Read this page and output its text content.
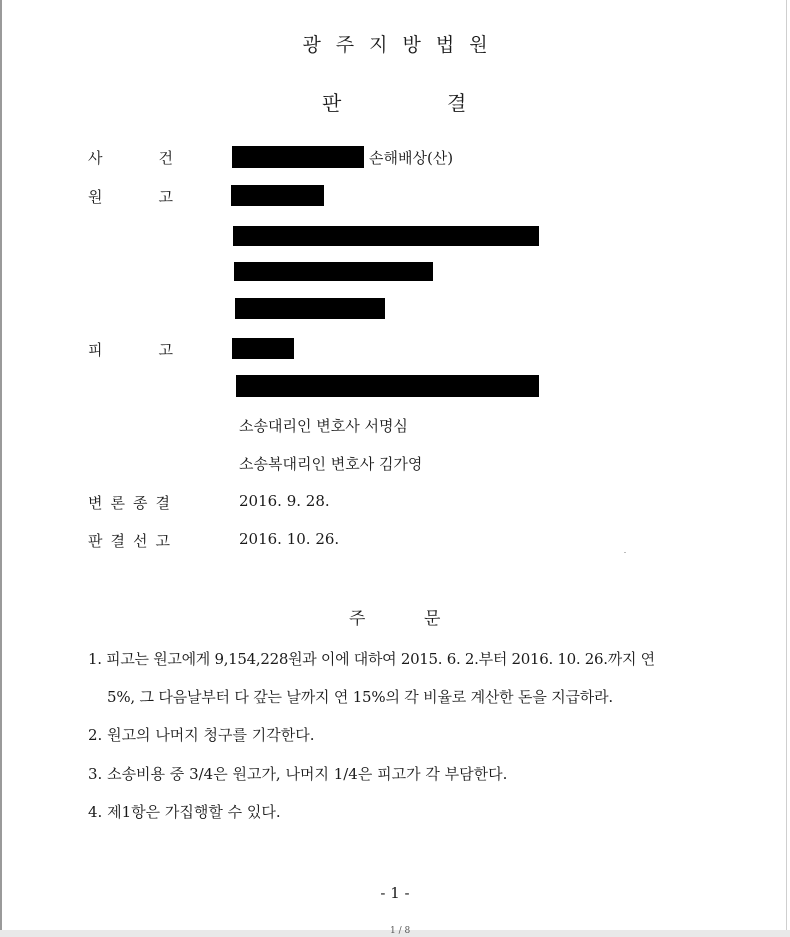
광주지방법원
판	결
사	건	손해배상(산)
원	고
피	고
소송대리인 변호사 서명심
소송복대리인 변호사 김가영
변 론 종 결	2016. 9. 28.
판 결 선 고	2016. 10. 26.
주	문
1. 피고는 원고에게 9,154,228원과 이에 대하여 2015. 6. 2.부터 2016. 10. 26.까지 연
5%, 그 다음날부터 다 갚는 날까지 연 15%의 각 비율로 계산한 돈을 지급하라.
2. 원고의 나머지 청구를 기각한다.
3. 소송비용 중 3/4은 원고가, 나머지 1/4은 피고가 각 부담한다.
4. 제1항은 가집행할 수 있다.
- 1 -
1 / 8
